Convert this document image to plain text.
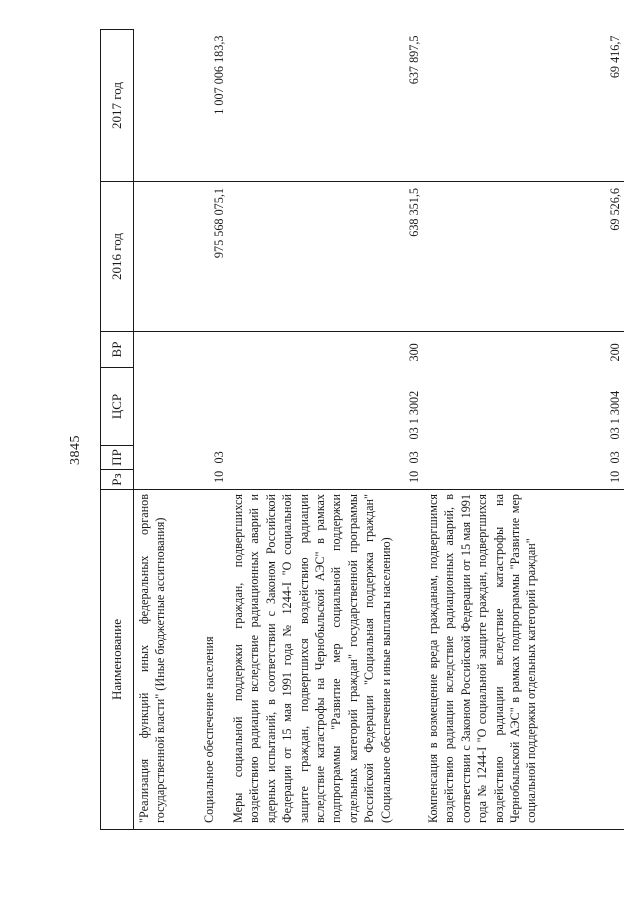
3845
Наименование	Рз	ПР	ЦСР	ВР	2016 год	2017 год
"Реализация функций иных федеральных органов государственной власти" (Иные бюджетные ассигнования)						
Социальное обеспечение населения	10	03			975 568 075,1	1 007 006 183,3
Меры социальной поддержки граждан, подвергшихся воздействию радиации вследствие радиационных аварий и ядерных испытаний, в соответствии с Законом Российской Федерации от 15 мая 1991 года № 1244-I "О социальной защите граждан, подвергшихся воздействию радиации вследствие катастрофы на Чернобыльской АЭС" в рамках подпрограммы "Развитие мер социальной поддержки отдельных категорий граждан" государственной программы Российской Федерации "Социальная поддержка граждан" (Социальное обеспечение и иные выплаты населению)	10	03	03 1 3002	300	638 351,5	637 897,5
Компенсация в возмещение вреда гражданам, подвергшимся воздействию радиации вследствие радиационных аварий, в соответствии с Законом Российской Федерации от 15 мая 1991 года № 1244-I "О социальной защите граждан, подвергшихся воздействию радиации вследствие катастрофы на Чернобыльской АЭС" в рамках подпрограммы "Развитие мер социальной поддержки отдельных категорий граждан"	10	03	03 1 3004	200	69 526,6	69 416,7
